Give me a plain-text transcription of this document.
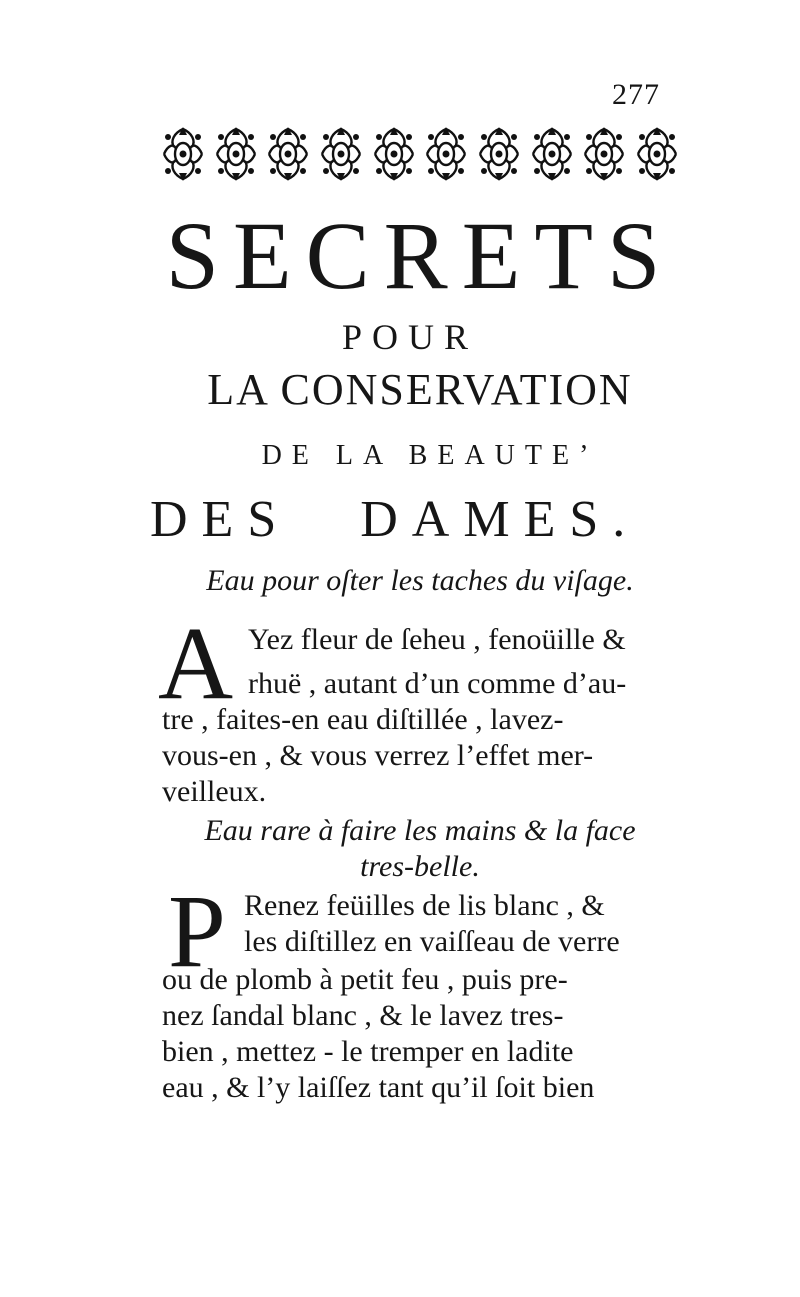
277
SECRETS
POUR
LA CONSERVATION
DE LA BEAUTE’
DES DAMES.
Eau pour oſter les taches du viſage.
A Yez fleur de ſeheu , fenoüille &
rhuë , autant d’un comme d’au-
tre , faites-en eau diſtillée , lavez-
vous-en , & vous verrez l’effet mer-
veilleux.
Eau rare à faire les mains & la face
tres-belle.
P Renez feüilles de lis blanc , &
les diſtillez en vaiſſeau de verre
ou de plomb à petit feu , puis pre-
nez ſandal blanc , & le lavez tres-
bien , mettez - le tremper en ladite
eau , & l’y laiſſez tant qu’il ſoit bien
